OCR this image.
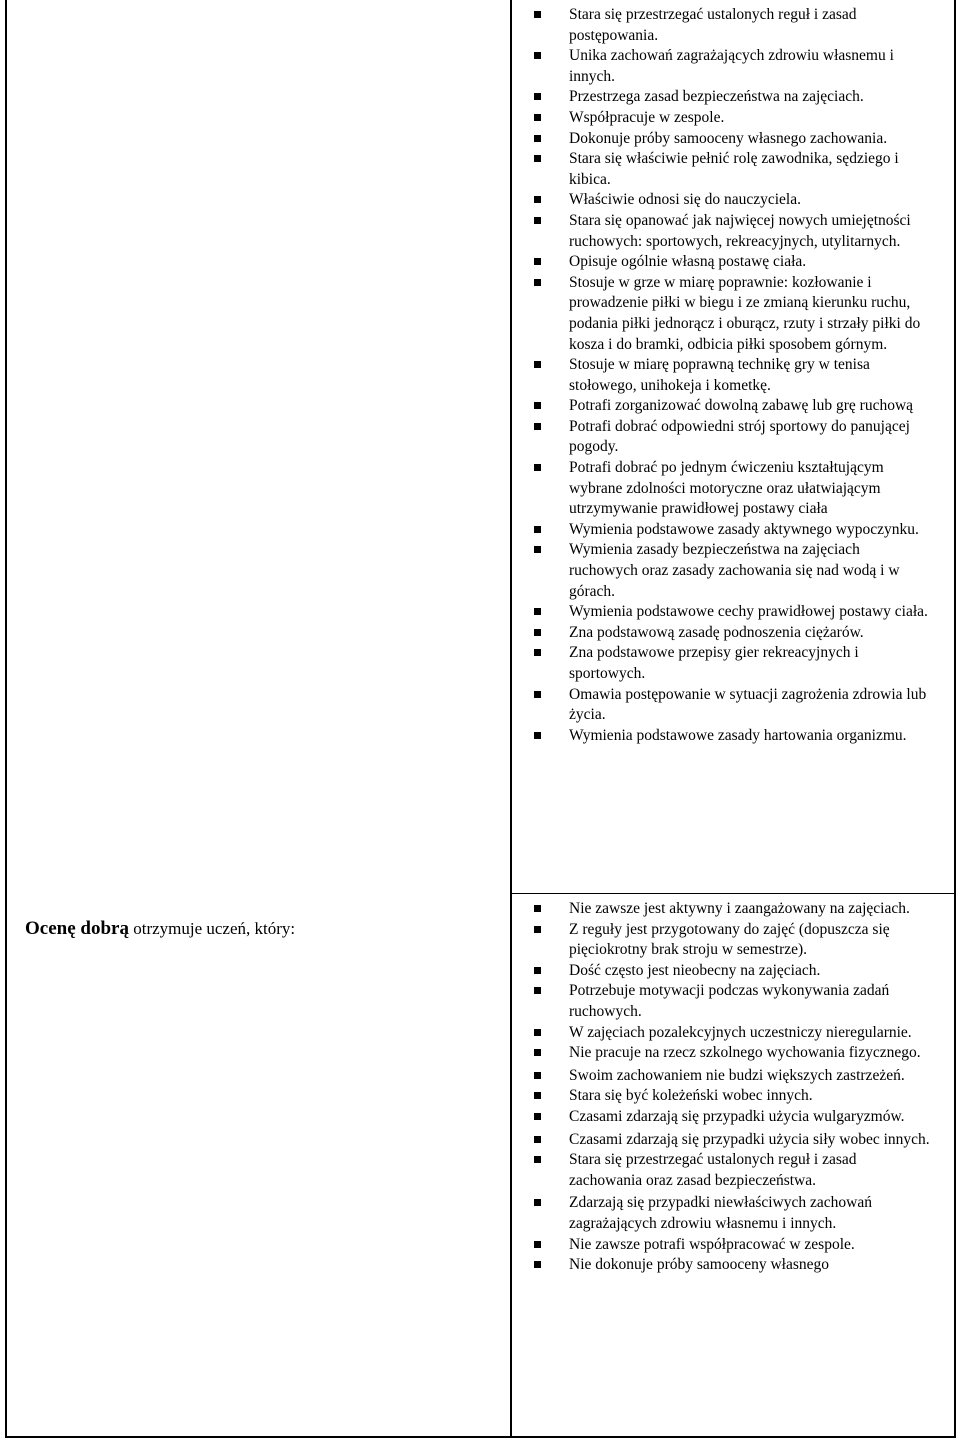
Ocenę dobrą otrzymuje uczeń, który:
Stara się przestrzegać ustalonych reguł i zasad postępowania.
Unika zachowań zagrażających zdrowiu własnemu i innych.
Przestrzega zasad bezpieczeństwa na zajęciach.
Współpracuje w zespole.
Dokonuje próby samooceny własnego zachowania.
Stara się właściwie pełnić rolę zawodnika, sędziego i kibica.
Właściwie odnosi się do nauczyciela.
Stara się opanować jak najwięcej nowych umiejętności ruchowych: sportowych, rekreacyjnych, utylitarnych.
Opisuje ogólnie własną postawę ciała.
Stosuje w grze w miarę poprawnie: kozłowanie i prowadzenie piłki w biegu i ze zmianą kierunku ruchu, podania piłki jednorącz i oburącz, rzuty i strzały piłki do kosza i do bramki, odbicia piłki sposobem górnym.
Stosuje w miarę poprawną technikę gry w tenisa stołowego, unihokeja i kometkę.
Potrafi zorganizować dowolną zabawę lub grę ruchową
Potrafi dobrać odpowiedni strój sportowy do panującej pogody.
Potrafi dobrać po jednym ćwiczeniu kształtującym wybrane zdolności motoryczne oraz ułatwiającym utrzymywanie prawidłowej postawy ciała
Wymienia podstawowe zasady aktywnego wypoczynku.
Wymienia zasady bezpieczeństwa na zajęciach ruchowych oraz zasady zachowania się nad wodą i w górach.
Wymienia podstawowe cechy prawidłowej postawy ciała.
Zna podstawową zasadę podnoszenia ciężarów.
Zna podstawowe przepisy gier rekreacyjnych i sportowych.
Omawia postępowanie w sytuacji zagrożenia zdrowia lub życia.
Wymienia podstawowe zasady hartowania organizmu.
Nie zawsze jest aktywny i zaangażowany na zajęciach.
Z reguły jest przygotowany do zajęć (dopuszcza się pięciokrotny brak stroju w semestrze).
Dość często jest nieobecny na zajęciach.
Potrzebuje motywacji podczas wykonywania zadań ruchowych.
W zajęciach pozalekcyjnych uczestniczy nieregularnie.
Nie pracuje na rzecz szkolnego wychowania fizycznego.
Swoim zachowaniem nie budzi większych zastrzeżeń.
Stara się być koleżeński wobec innych.
Czasami zdarzają się przypadki użycia wulgaryzmów.
Czasami zdarzają się przypadki użycia siły wobec innych.
Stara się przestrzegać ustalonych reguł i zasad zachowania oraz zasad bezpieczeństwa.
Zdarzają się przypadki niewłaściwych zachowań zagrażających zdrowiu własnemu i innych.
Nie zawsze potrafi współpracować w zespole.
Nie dokonuje próby samooceny własnego
